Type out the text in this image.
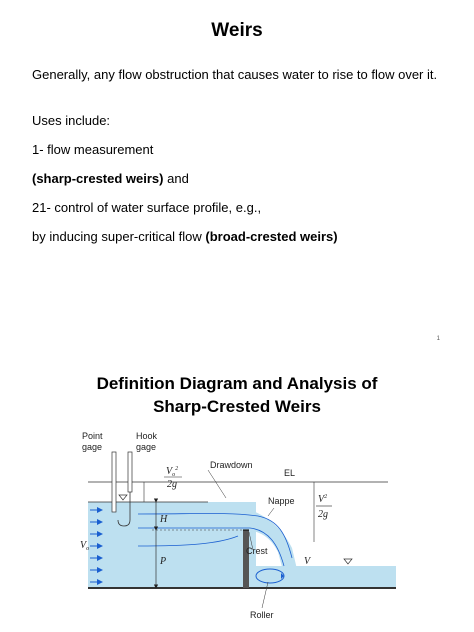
Weirs
Generally, any flow obstruction that causes water to rise to flow over it.
Uses include:
1- flow measurement
(sharp-crested weirs) and
21- control of water surface profile, e.g.,
by inducing super-critical flow (broad-crested weirs)
1
Definition Diagram and Analysis of
Sharp-Crested Weirs
Point
gage
Hook
gage
$V_o^2$
2g
Drawdown
EL
Nappe $V^2$
2g
H
Crest
P
$V_o$
V
Roller
